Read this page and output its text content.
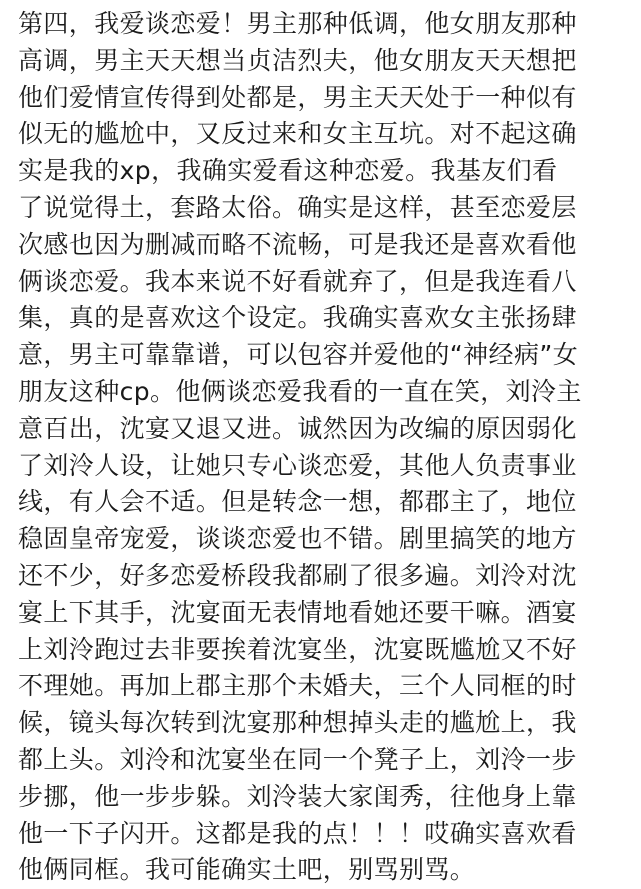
第四，我爱谈恋爱！男主那种低调，他女朋友那种
高调，男主天天想当贞洁烈夫，他女朋友天天想把
他们爱情宣传得到处都是，男主天天处于一种似有
似无的尴尬中，又反过来和女主互坑。对不起这确
实是我的xp，我确实爱看这种恋爱。我基友们看
了说觉得土，套路太俗。确实是这样，甚至恋爱层
次感也因为删减而略不流畅，可是我还是喜欢看他
俩谈恋爱。我本来说不好看就弃了，但是我连看八
集，真的是喜欢这个设定。我确实喜欢女主张扬肆
意，男主可靠靠谱，可以包容并爱他的“神经病”女
朋友这种cp。他俩谈恋爱我看的一直在笑，刘泠主
意百出，沈宴又退又进。诚然因为改编的原因弱化
了刘泠人设，让她只专心谈恋爱，其他人负责事业
线，有人会不适。但是转念一想，都郡主了，地位
稳固皇帝宠爱，谈谈恋爱也不错。剧里搞笑的地方
还不少，好多恋爱桥段我都刷了很多遍。刘泠对沈
宴上下其手，沈宴面无表情地看她还要干嘛。酒宴
上刘泠跑过去非要挨着沈宴坐，沈宴既尴尬又不好
不理她。再加上郡主那个未婚夫，三个人同框的时
候，镜头每次转到沈宴那种想掉头走的尴尬上，我
都上头。刘泠和沈宴坐在同一个凳子上，刘泠一步
步挪，他一步步躲。刘泠装大家闺秀，往他身上靠
他一下子闪开。这都是我的点！！！哎确实喜欢看
他俩同框。我可能确实土吧，别骂别骂。
